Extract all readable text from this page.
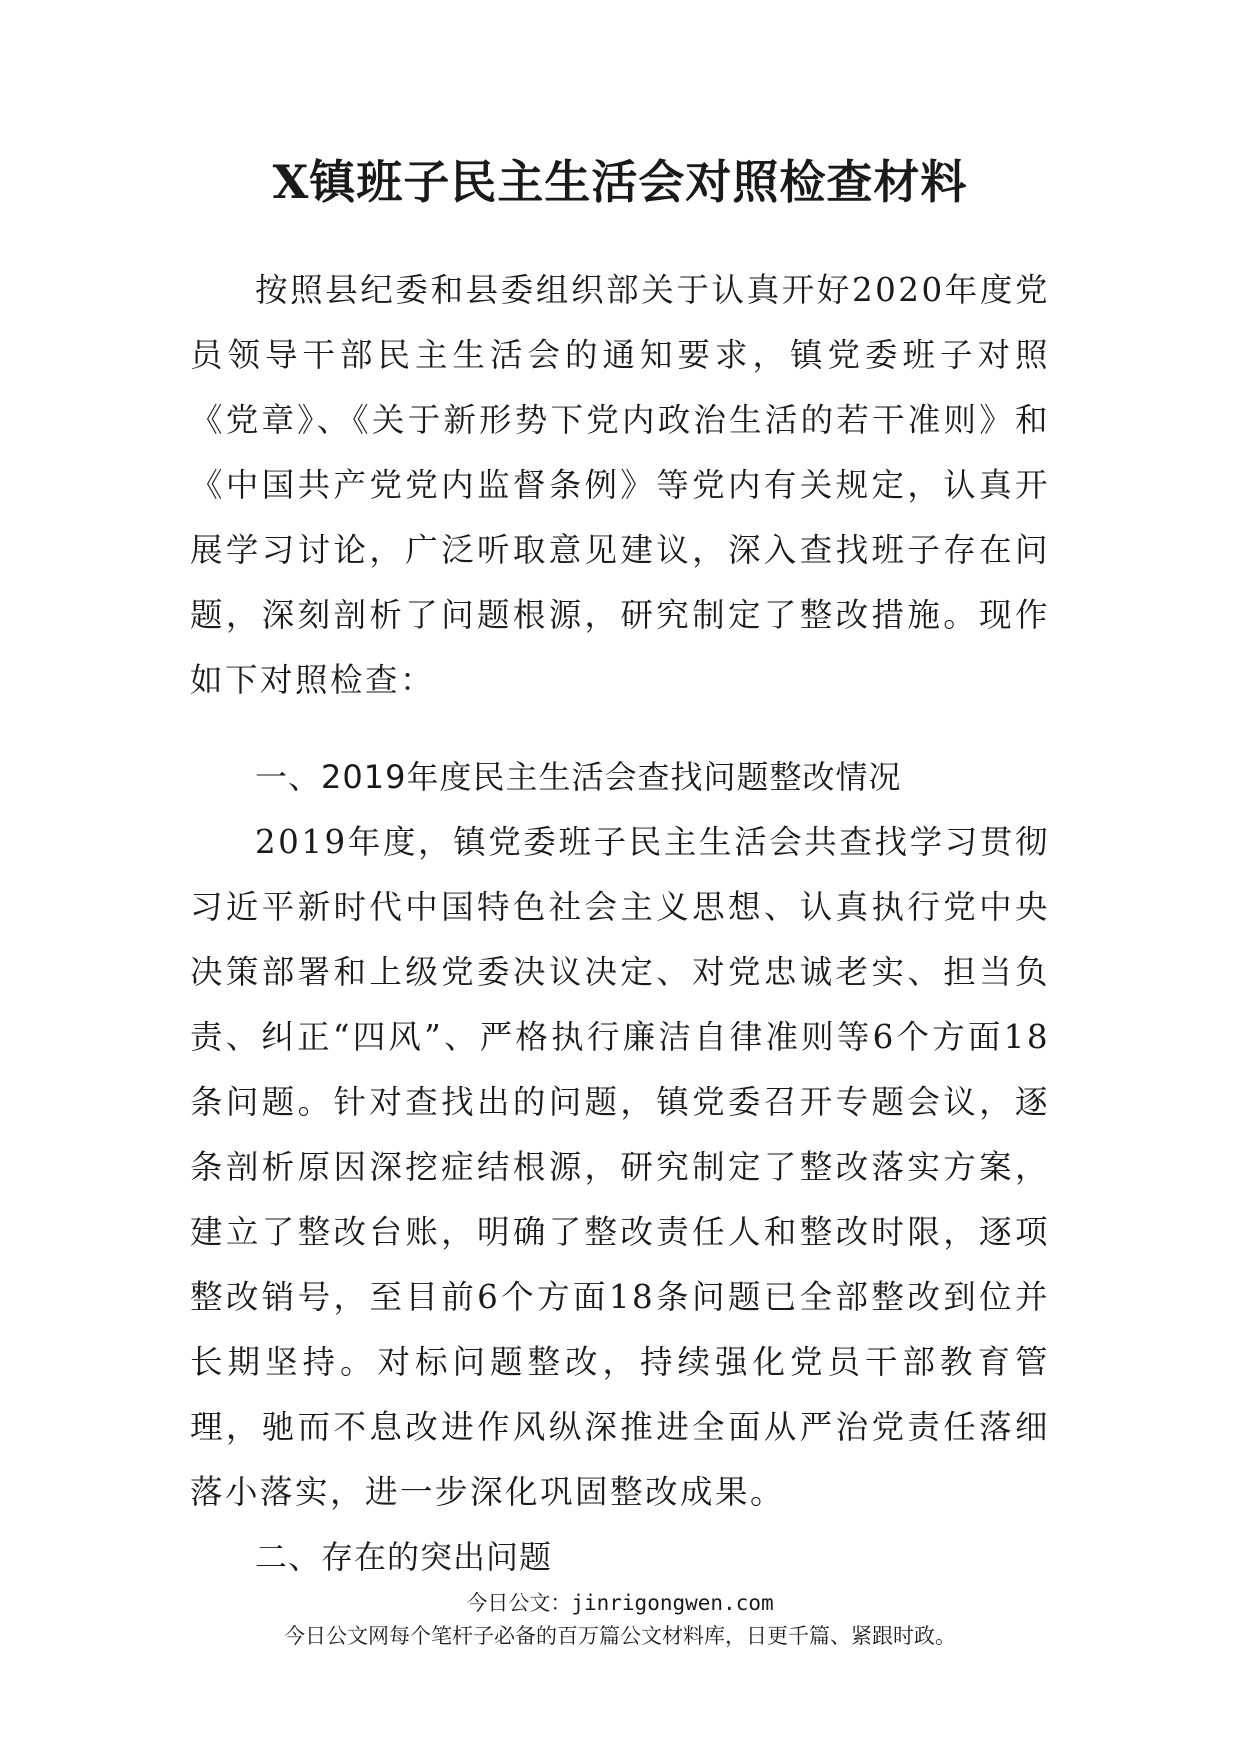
X镇班子民主生活会对照检查材料

按照县纪委和县委组织部关于认真开好2020年度党员领导干部民主生活会的通知要求，镇党委班子对照《党章》、《关于新形势下党内政治生活的若干准则》和《中国共产党党内监督条例》等党内有关规定，认真开展学习讨论，广泛听取意见建议，深入查找班子存在问题，深刻剖析了问题根源，研究制定了整改措施。现作如下对照检查：

一、2019年度民主生活会查找问题整改情况

2019年度，镇党委班子民主生活会共查找学习贯彻习近平新时代中国特色社会主义思想、认真执行党中央决策部署和上级党委决议决定、对党忠诚老实、担当负责、纠正“四风”、严格执行廉洁自律准则等6个方面18条问题。针对查找出的问题，镇党委召开专题会议，逐条剖析原因深挖症结根源，研究制定了整改落实方案，建立了整改台账，明确了整改责任人和整改时限，逐项整改销号，至目前6个方面18条问题已全部整改到位并长期坚持。对标问题整改，持续强化党员干部教育管理，驰而不息改进作风纵深推进全面从严治党责任落细落小落实，进一步深化巩固整改成果。

二、存在的突出问题
今日公文：jinrigongwen.com
今日公文网每个笔杆子必备的百万篇公文材料库，日更千篇、紧跟时政。
